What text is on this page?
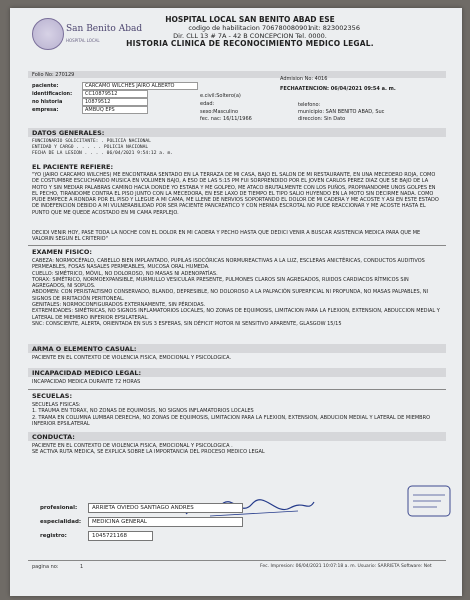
San Benito Abad
HOSPITAL LOCAL
HOSPITAL LOCAL SAN BENITO ABAD ESE
codigo de habilitacion 706780080901
Dir. CLL 13 # 7A - 42 B CONCEPCION Tel. 0000.
HISTORIA CLINICA DE RECONOCIMIENTO MEDICO LEGAL.
nit: 823002356
Folio No: 270129
Admision No: 4016
paciente:	CARCAMO WILCHES JAIRO ALBERTO	FECHAATENCION: 06/04/2021 09:54 a. m.
identificacion:	CC10879512	e.civil:Soltero(a)
no historia	10879512	edad:	telefono:
empresa:	AMBUQ EPS	sexo:Masculino	municipio: SAN BENITO ABAD, Suc
fec. nac: 16/11/1966	direccion: Sin Dato
DATOS GENERALES:
FUNCIONARIO SOLICITANTE: . POLICIA NACIONAL
ENTIDAD Y CARGO . . . . . POLICIA NACIONAL
FECHA DE LA LESION . . . . 06/04/2021 9:54:12 a. m.
EL PACIENTE REFIERE:
"YO (JAIRO CARCAMO WILCHES) ME ENCONTRABA SENTADO EN LA TERRAZA DE MI CASA, BAJO EL SALON DE MI RESTAURANTE, EN UNA MECEDERO ROJA, COMO DE COSTUMBRE ESCUCHANDO MUSICA EN VOLUMEN BAJO, A ESO DE LAS 5:15 PM FUI SORPRENDIDO POR EL JOVEN CARLOS PEREZ DIAZ QUE SE BAJO DE LA MOTO Y SIN MEDIAR PALABRAS CAMINO HACIA DONDE YO ESTABA Y ME GOLPEO, ME ATACO BRUTALMENTE CON LOS PUÑOS, PROPINANDOME UNOS GOLPES EN EL PECHO, TIRANDOME CONTRA EL PISO JUNTO CON LA MECEDORA, EN ESE LAXO DE TIEMPO EL TIPO SALIO HUYENDO EN LA MOTO SIN DECIRME NADA. COMO PUDE EMPECE A RONDAR POR EL PISO Y LLEGUE A MI CAMA, ME LLENE DE NERVIOS SOPORTANDO EL DOLOR DE MI CADERA Y ME ACOSTE Y ASI EN ESTE ESTADO DE INDEFENCION DEBIDO A MI VULNERABILIDAD POR SER PACIENTE PANCREATICO Y CON HERNIA ESCROTAL NO PUDE REACCIONAR Y ME ACOSTE HASTA EL PUNTO QUE ME QUEDE ACOSTADO EN MI CAMA PERPLEJO.
DECIDI VENIR HOY, PASE TODA LA NOCHE CON EL DOLOR EN MI CADERA Y PECHO HASTA QUE DEDICI VENIR A BUSCAR ASISTENCIA MEDICA PARA QUE ME VALORIN SEGUN EL CRITERIO"
EXAMEN FISICO:
CABEZA: NORMOCÉFALO, CABELLO BIEN IMPLANTADO, PUPILAS ISOCÓRICAS NORMUREACTIVAS A LA LUZ, ESCLERAS ANICTÉRICAS, CONDUCTOS AUDITIVOS PERMEABLES, FOSAS NASALES PERMEABLES, MUCOSA ORAL HUMEDA.
CUELLO: SIMÉTRICO, MÓVIL, NO DOLOROSO, NO MASAS NI ADENOPATÍAS.
TORAX: SIMÉTRICO, NORMOEXPANSIBLE, MURMULLO VESICULAR PRESENTE, PULMONES CLAROS SIN AGREGADOS, RUIDOS CARDIACOS RÍTMICOS SIN AGREGADOS, NI SOPLOS.
ABDOMEN: CON PERISTALTISMO CONSERVADO, BLANDO, DEPRESIBLE, NO DOLOROSO A LA PALPACIÓN SUPERFICIAL NI PROFUNDA, NO MASAS PALPABLES, NI SIGNOS DE IRRITACIÓN PERITONEAL.
GENITALES: NORMOCONFIGURADOS EXTERNAMENTE, SIN PÉRDIDAS.
EXTREMIDADES: SIMÉTRICAS, NO SIGNOS INFLAMATORIOS LOCALES, NO ZONAS DE EQUIMOSIS, LIMITACION PARA LA FLEXION, EXTENSION, ABDUCCION MEDIAL Y LATERAL DE MIEMBRO INFERIOR EPSILATERAL.
SNC: CONSCIENTE, ALERTA, ORIENTADA EN SUS 3 ESFERAS, SIN DÉFICIT MOTOR NI SENSITIVO APARENTE, GLASGOW 15/15
ARMA O ELEMENTO CASUAL:
PACIENTE EN EL CONTEXTO DE VIOLENCIA FISICA, EMOCIONAL Y PSICOLOGICA.
INCAPACIDAD MEDICO LEGAL:
INCAPACIDAD MEDICA DURANTE 72 HORAS
SECUELAS:
SECUELAS FISICAS:
1. TRAUMA EN TORAX, NO ZONAS DE EQUIMOSIS, NO SIGNOS INFLAMATORIOS LOCALES
2. TRAMA EN COLUMNA LUMBAR DERECHA, NO ZONAS DE EQUIMOSIS, LIMITACION PARA LA FLEXION, EXTENSION, ABDUCION MEDIAL Y LATERAL DE MIEMBRO INFERIOR EPSILATERAL
CONDUCTA:
PACIENTE EN EL CONTEXTO DE VIOLENCIA FISICA, EMOCIONAL Y PSICOLOGICA .
SE ACTIVA RUTA MEDICA, SE EXPLICA SOBRE LA IMPORTANCIA DEL PROCESO MEDICO LEGAL
profesional:	ARRIETA OVIEDO SANTIAGO ANDRES
especialidad:	MEDICINA GENERAL
registro:	1045721168
pagina no:	1	Fec. Impresion: 06/04/2021 10:07:18 a. m. Usuario: SARRIETA Software: Net
